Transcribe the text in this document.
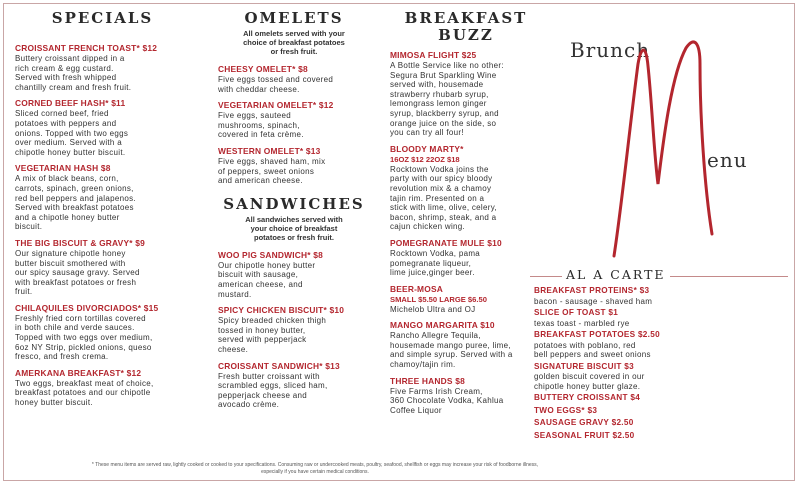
SPECIALS
CROISSANT FRENCH TOAST* $12
Buttery croissant dipped in a
rich cream & egg custard.
Served with fresh whipped
chantilly cream and fresh fruit.
CORNED BEEF HASH* $11
Sliced corned beef, fried
potatoes with peppers and
onions. Topped with two eggs
over medium. Served with a
chipotle honey butter biscuit.
VEGETARIAN HASH $8
A mix of black beans, corn,
carrots, spinach, green onions,
red bell peppers and jalapenos.
Served with breakfast potatoes
and a chipotle honey butter
biscuit.
THE BIG BISCUIT & GRAVY* $9
Our signature chipotle honey
butter biscuit smothered with
our spicy sausage gravy. Served
with breakfast potatoes or fresh
fruit.
CHILAQUILES DIVORCIADOS* $15
Freshly fried corn tortillas covered
in both chile and verde sauces.
Topped with two eggs over medium,
6oz NY Strip, pickled onions, queso
fresco, and fresh crema.
AMERKANA BREAKFAST* $12
Two eggs, breakfast meat of choice,
breakfast potatoes and our chipotle
honey butter biscuit.
OMELETS
All omelets served with your
choice of breakfast potatoes
or fresh fruit.
CHEESY OMELET* $8
Five eggs tossed and covered
with cheddar cheese.
VEGETARIAN OMELET* $12
Five eggs, sauteed
mushrooms, spinach,
covered in feta crème.
WESTERN OMELET* $13
Five eggs, shaved ham, mix
of peppers, sweet onions
and american cheese.
SANDWICHES
All sandwiches served with
your choice of breakfast
potatoes or fresh fruit.
WOO PIG SANDWICH* $8
Our chipotle honey butter
biscuit with sausage,
american cheese, and
mustard.
SPICY CHICKEN BISCUIT* $10
Spicy breaded chicken thigh
tossed in honey butter,
served with pepperjack
cheese.
CROISSANT SANDWICH* $13
Fresh butter croissant with
scrambled eggs, sliced ham,
pepperjack cheese and
avocado crème.
BREAKFAST
BUZZ
MIMOSA FLIGHT $25
A Bottle Service like no other:
Segura Brut Sparkling Wine
served with, housemade
strawberry rhubarb syrup,
lemongrass lemon ginger
syrup, blackberry syrup, and
orange juice on the side, so
you can try all four!
BLOODY MARTY*
16OZ $12 22OZ $18
Rocktown Vodka joins the
party with our spicy bloody
revolution mix & a chamoy
tajin rim. Presented on a
stick with lime, olive, celery,
bacon, shrimp, steak, and a
cajun chicken wing.
POMEGRANATE MULE $10
Rocktown Vodka, pama
pomegranate liqueur,
lime juice,ginger beer.
BEER-MOSA
SMALL $5.50 LARGE $6.50
Michelob Ultra and OJ
MANGO MARGARITA $10
Rancho Allegre Tequila,
housemade mango puree, lime,
and simple syrup. Served with a
chamoy/tajin rim.
THREE HANDS $8
Five Farms Irish Cream,
360 Chocolate Vodka, Kahlua
Coffee Liquor
Brunch
enu
AL A CARTE
BREAKFAST PROTEINS* $3
bacon - sausage - shaved ham
SLICE OF TOAST $1
texas toast - marbled rye
BREAKFAST POTATOES $2.50
potatoes with poblano, red
bell peppers and sweet onions
SIGNATURE BISCUIT $3
golden biscuit covered in our
chipotle honey butter glaze.
BUTTERY CROISSANT $4
TWO EGGS* $3
SAUSAGE GRAVY $2.50
SEASONAL FRUIT $2.50
* These menu items are served raw, lightly cooked or cooked to your specifications. Consuming raw or undercooked meats, poultry, seafood, shellfish or eggs may increase your risk of foodborne illness, especially if you have certain medical conditions.
